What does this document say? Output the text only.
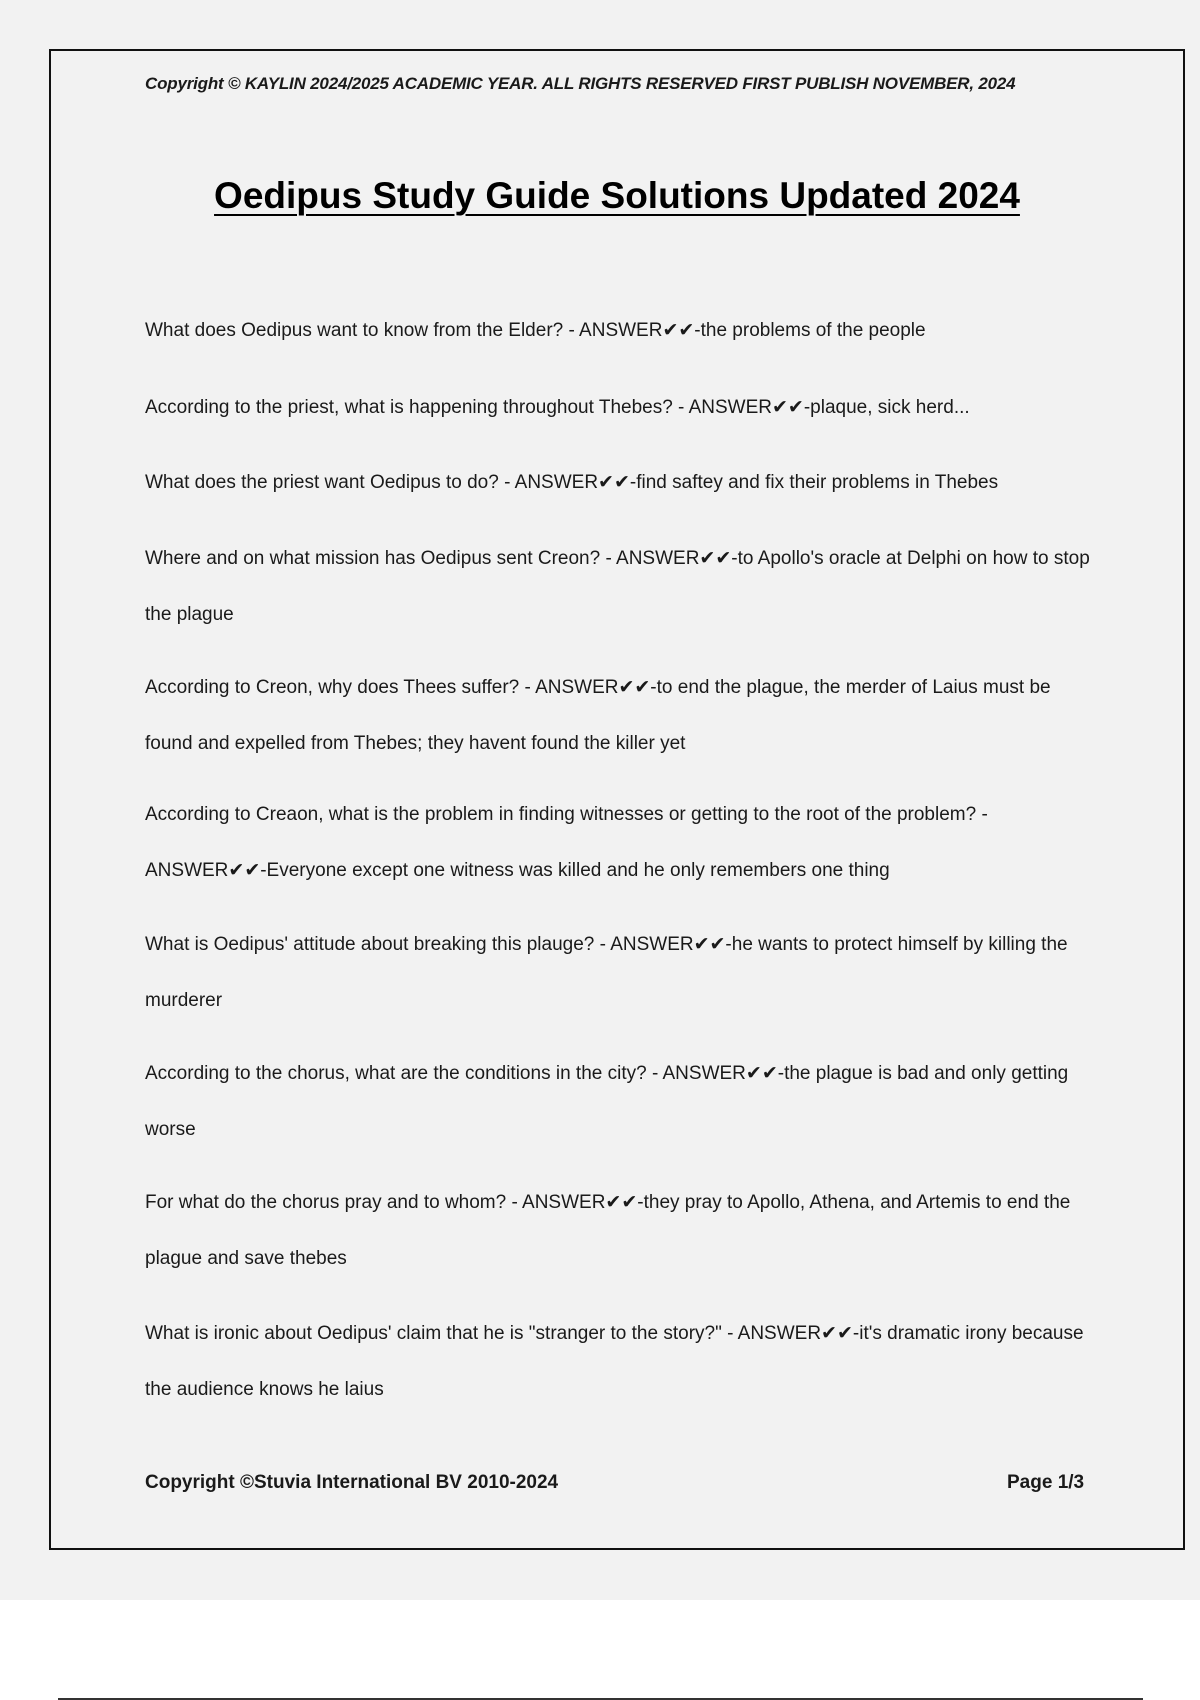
Copyright © KAYLIN 2024/2025 ACADEMIC YEAR. ALL RIGHTS RESERVED FIRST PUBLISH NOVEMBER, 2024
Oedipus Study Guide Solutions Updated 2024
What does Oedipus want to know from the Elder? - ANSWER✔✔-the problems of the people
According to the priest, what is happening throughout Thebes? - ANSWER✔✔-plaque, sick herd...
What does the priest want Oedipus to do? - ANSWER✔✔-find saftey and fix their problems in Thebes
Where and on what mission has Oedipus sent Creon? - ANSWER✔✔-to Apollo's oracle at Delphi on how to stop the plague
According to Creon, why does Thees suffer? - ANSWER✔✔-to end the plague, the merder of Laius must be found and expelled from Thebes; they havent found the killer yet
According to Creaon, what is the problem in finding witnesses or getting to the root of the problem? - ANSWER✔✔-Everyone except one witness was killed and he only remembers one thing
What is Oedipus' attitude about breaking this plauge? - ANSWER✔✔-he wants to protect himself by killing the murderer
According to the chorus, what are the conditions in the city? - ANSWER✔✔-the plague is bad and only getting worse
For what do the chorus pray and to whom? - ANSWER✔✔-they pray to Apollo, Athena, and Artemis to end the plague and save thebes
What is ironic about Oedipus' claim that he is "stranger to the story?" - ANSWER✔✔-it's dramatic irony because the audience knows he laius
Copyright ©Stuvia International BV 2010-2024	Page 1/3
